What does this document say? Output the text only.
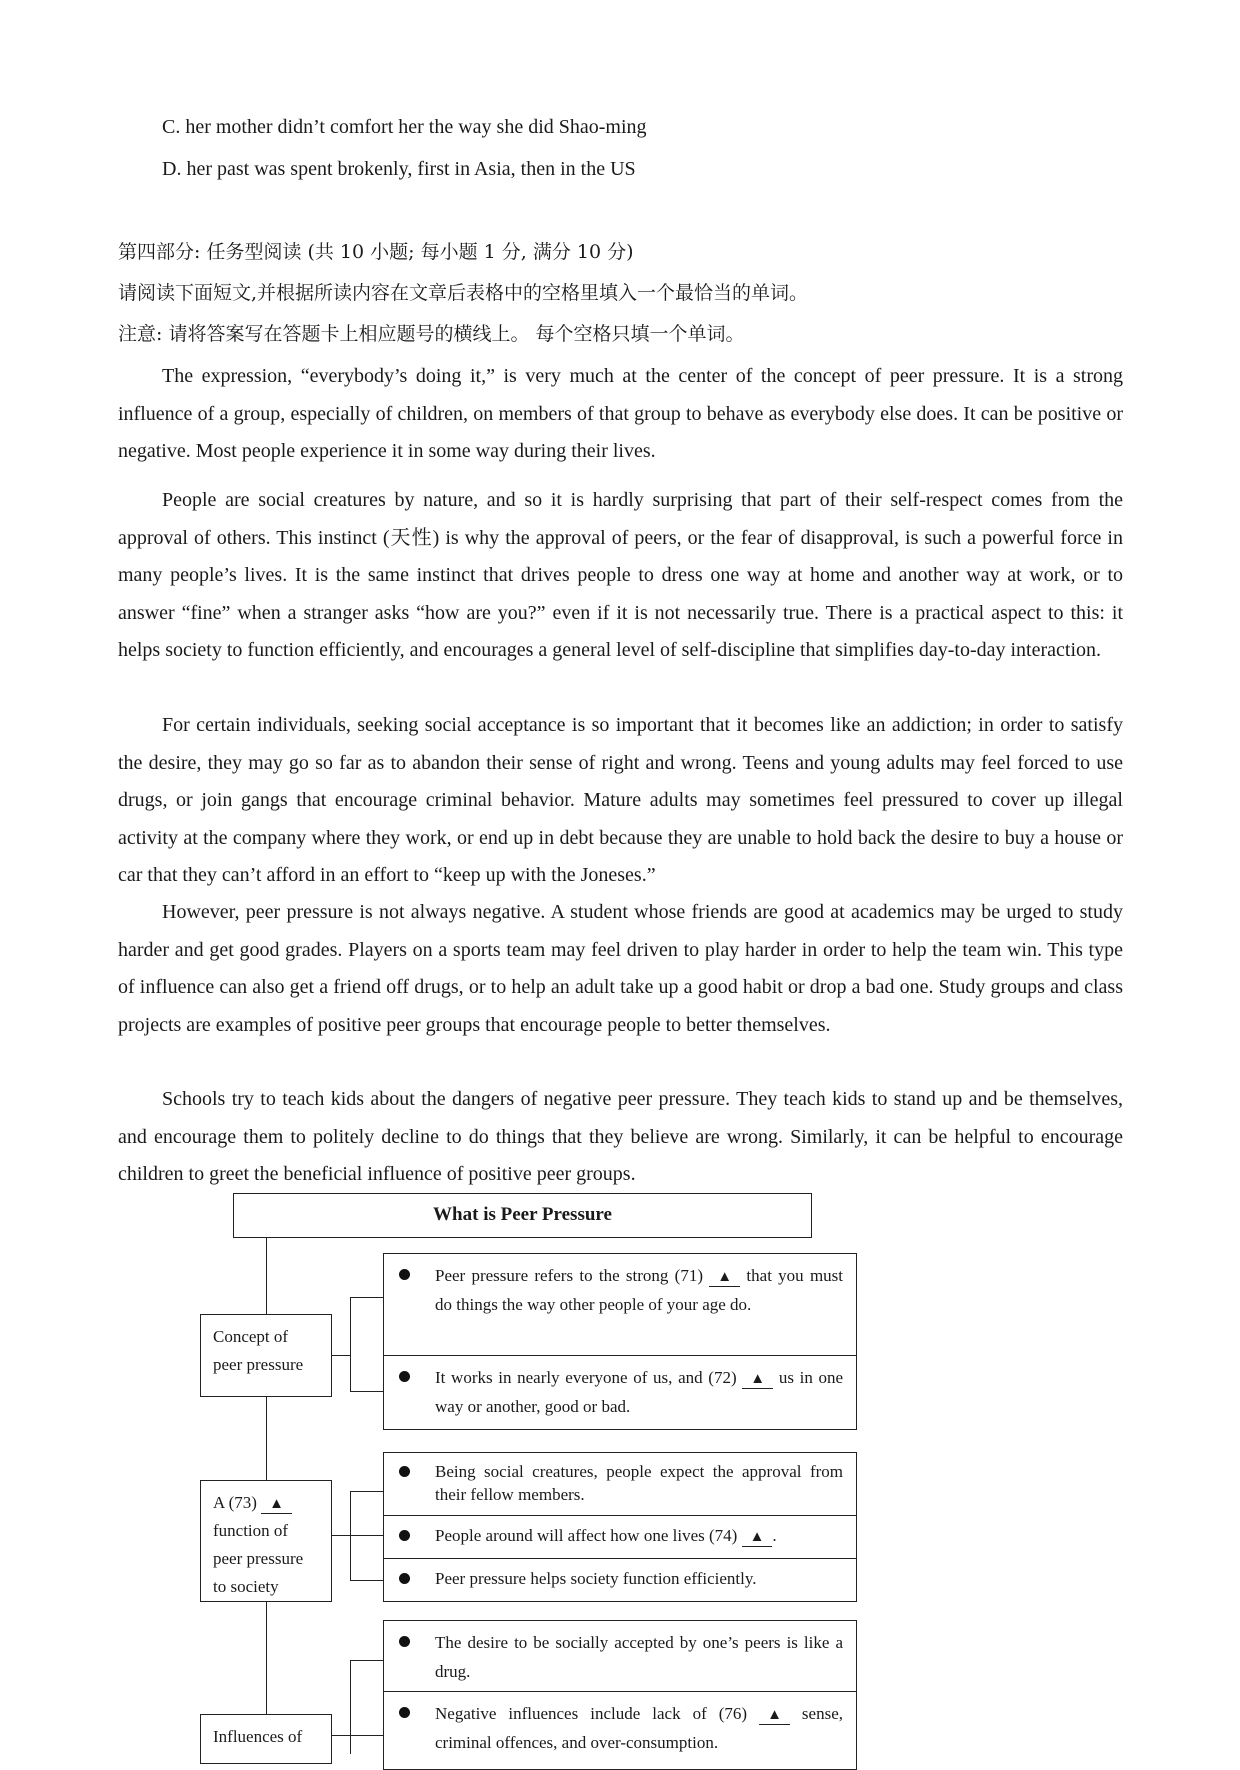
C. her mother didn’t comfort her the way she did Shao-ming
D. her past was spent brokenly, first in Asia, then in the US
第四部分: 任务型阅读 (共 10 小题; 每小题 1 分, 满分 10 分)
请阅读下面短文,并根据所读内容在文章后表格中的空格里填入一个最恰当的单词。
注意: 请将答案写在答题卡上相应题号的横线上。 每个空格只填一个单词。

The expression, “everybody’s doing it,” is very much at the center of the concept of peer pressure. It is a strong influence of a group, especially of children, on members of that group to behave as everybody else does. It can be positive or negative. Most people experience it in some way during their lives.

People are social creatures by nature, and so it is hardly surprising that part of their self-respect comes from the approval of others. This instinct (天性) is why the approval of peers, or the fear of disapproval, is such a powerful force in many people’s lives. It is the same instinct that drives people to dress one way at home and another way at work, or to answer “fine” when a stranger asks “how are you?” even if it is not necessarily true. There is a practical aspect to this: it helps society to function efficiently, and encourages a general level of self-discipline that simplifies day-to-day interaction.

For certain individuals, seeking social acceptance is so important that it becomes like an addiction; in order to satisfy the desire, they may go so far as to abandon their sense of right and wrong. Teens and young adults may feel forced to use drugs, or join gangs that encourage criminal behavior. Mature adults may sometimes feel pressured to cover up illegal activity at the company where they work, or end up in debt because they are unable to hold back the desire to buy a house or car that they can’t afford in an effort to “keep up with the Joneses.”

However, peer pressure is not always negative. A student whose friends are good at academics may be urged to study harder and get good grades. Players on a sports team may feel driven to play harder in order to help the team win. This type of influence can also get a friend off drugs, or to help an adult take up a good habit or drop a bad one. Study groups and class projects are examples of positive peer groups that encourage people to better themselves.

Schools try to teach kids about the dangers of negative peer pressure. They teach kids to stand up and be themselves, and encourage them to politely decline to do things that they believe are wrong. Similarly, it can be helpful to encourage children to greet the beneficial influence of positive peer groups.

What is Peer Pressure
Concept of peer pressure
Peer pressure refers to the strong (71) ▲ that you must do things the way other people of your age do.
It works in nearly everyone of us, and (72) ▲ us in one way or another, good or bad.
A (73) ▲
function of peer pressure to society
Being social creatures, people expect the approval from their fellow members.
People around will affect how one lives (74) ▲ .
Peer pressure helps society function efficiently.
Influences of
The desire to be socially accepted by one’s peers is like a drug.
Negative influences include lack of (76) ▲ sense, criminal offences, and over-consumption.
